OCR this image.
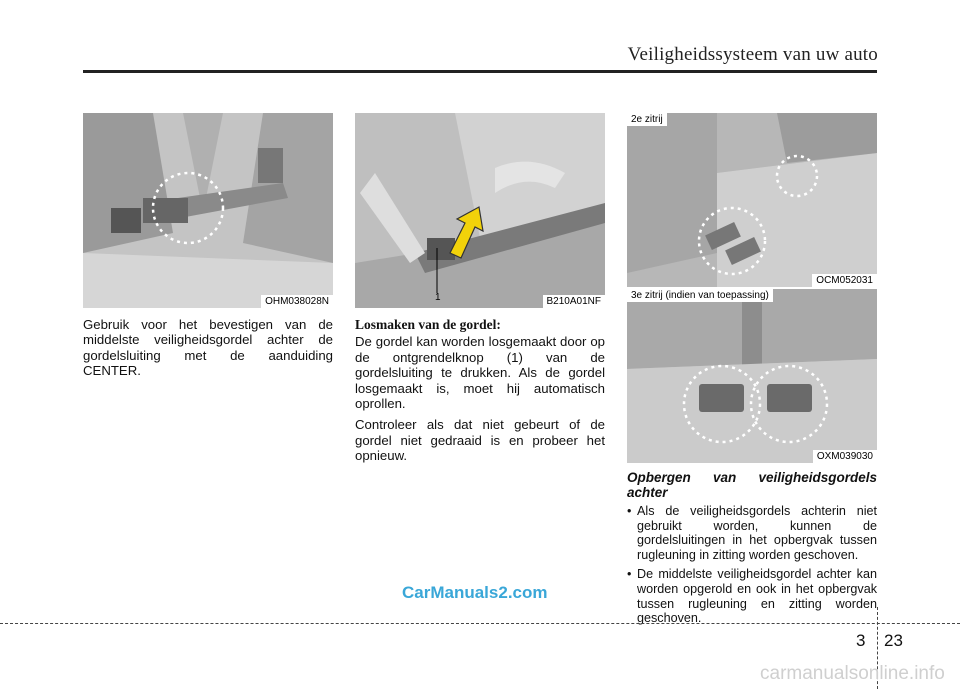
Veiligheidssysteem van uw auto
OHM038028N	1	B210A01NF
2e zitrij
OCM052031
3e zitrij (indien van toepassing)
OXM039030

Gebruik voor het bevestigen van de middelste veiligheidsgordel achter de gordelsluiting met de aanduiding CENTER.

Losmaken van de gordel:

De gordel kan worden losgemaakt door op de ontgrendelknop (1) van de gordelsluiting te drukken. Als de gordel losgemaakt is, moet hij automatisch oprollen.

Controleer als dat niet gebeurt of de gordel niet gedraaid is en probeer het opnieuw.

Opbergen van veiligheidsgordels achter
• Als de veiligheidsgordels achterin niet gebruikt worden, kunnen de gordelsluitingen in het opbergvak tussen rugleuning in zitting worden geschoven.
• De middelste veiligheidsgordel achter kan worden opgerold en ook in het opbergvak tussen rugleuning en zitting worden geschoven.
CarManuals2.com
3 23
carmanualsonline.info
